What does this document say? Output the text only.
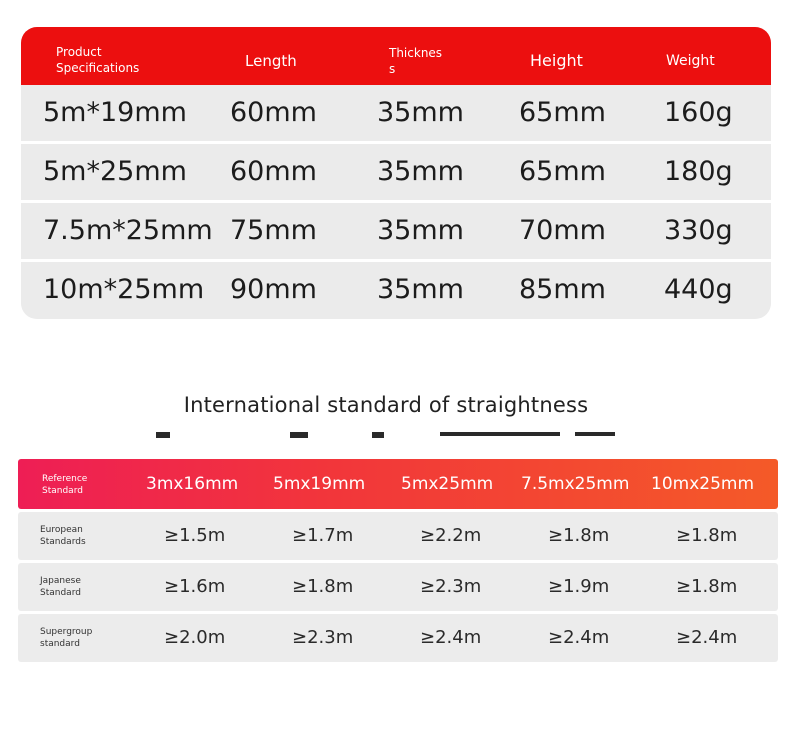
Product
Specifications	Length	Thicknes
s	Height	Weight
5m*19mm 60mm 35mm 65mm 160g
5m*25mm 60mm 35mm 65mm 180g
7.5m*25mm 75mm 35mm 70mm 330g
10m*25mm 90mm 35mm 85mm 440g
International standard of straightness
Reference
Standard	3mx16mm 5mx19mm 5mx25mm 7.5mx25mm 10mx25mm
European
Standards	≥1.5m	≥1.7m	≥2.2m	≥1.8m	≥1.8m
Japanese
Standard	≥1.6m	≥1.8m	≥2.3m	≥1.9m	≥1.8m
Supergroup
standard	≥2.0m	≥2.3m	≥2.4m	≥2.4m	≥2.4m
